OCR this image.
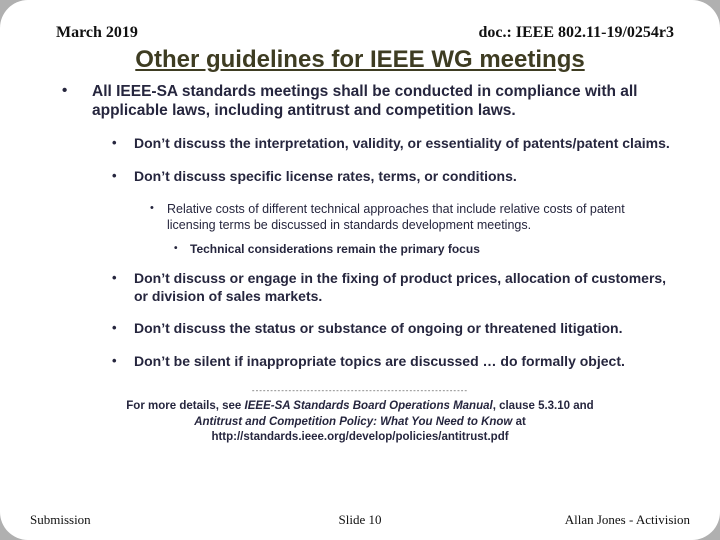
March 2019	doc.: IEEE 802.11-19/0254r3
Other guidelines for IEEE WG meetings
•	All IEEE-SA standards meetings shall be conducted in compliance with all applicable laws, including antitrust and competition laws.
•	Don’t discuss the interpretation, validity, or essentiality of patents/patent claims.
•	Don’t discuss specific license rates, terms, or conditions.
•	Relative costs of different technical approaches that include relative costs of patent licensing terms be discussed in standards development meetings.
•	Technical considerations remain the primary focus
•	Don’t discuss or engage in the fixing of product prices, allocation of customers, or division of sales markets.
•	Don’t discuss the status or substance of ongoing or threatened litigation.
•	Don’t be silent if inappropriate topics are discussed … do formally object.
-----------------------------------------------------------
For more details, see IEEE-SA Standards Board Operations Manual, clause 5.3.10 and Antitrust and Competition Policy: What You Need to Know at
http://standards.ieee.org/develop/policies/antitrust.pdf
Submission	Slide 10	Allan Jones - Activision
